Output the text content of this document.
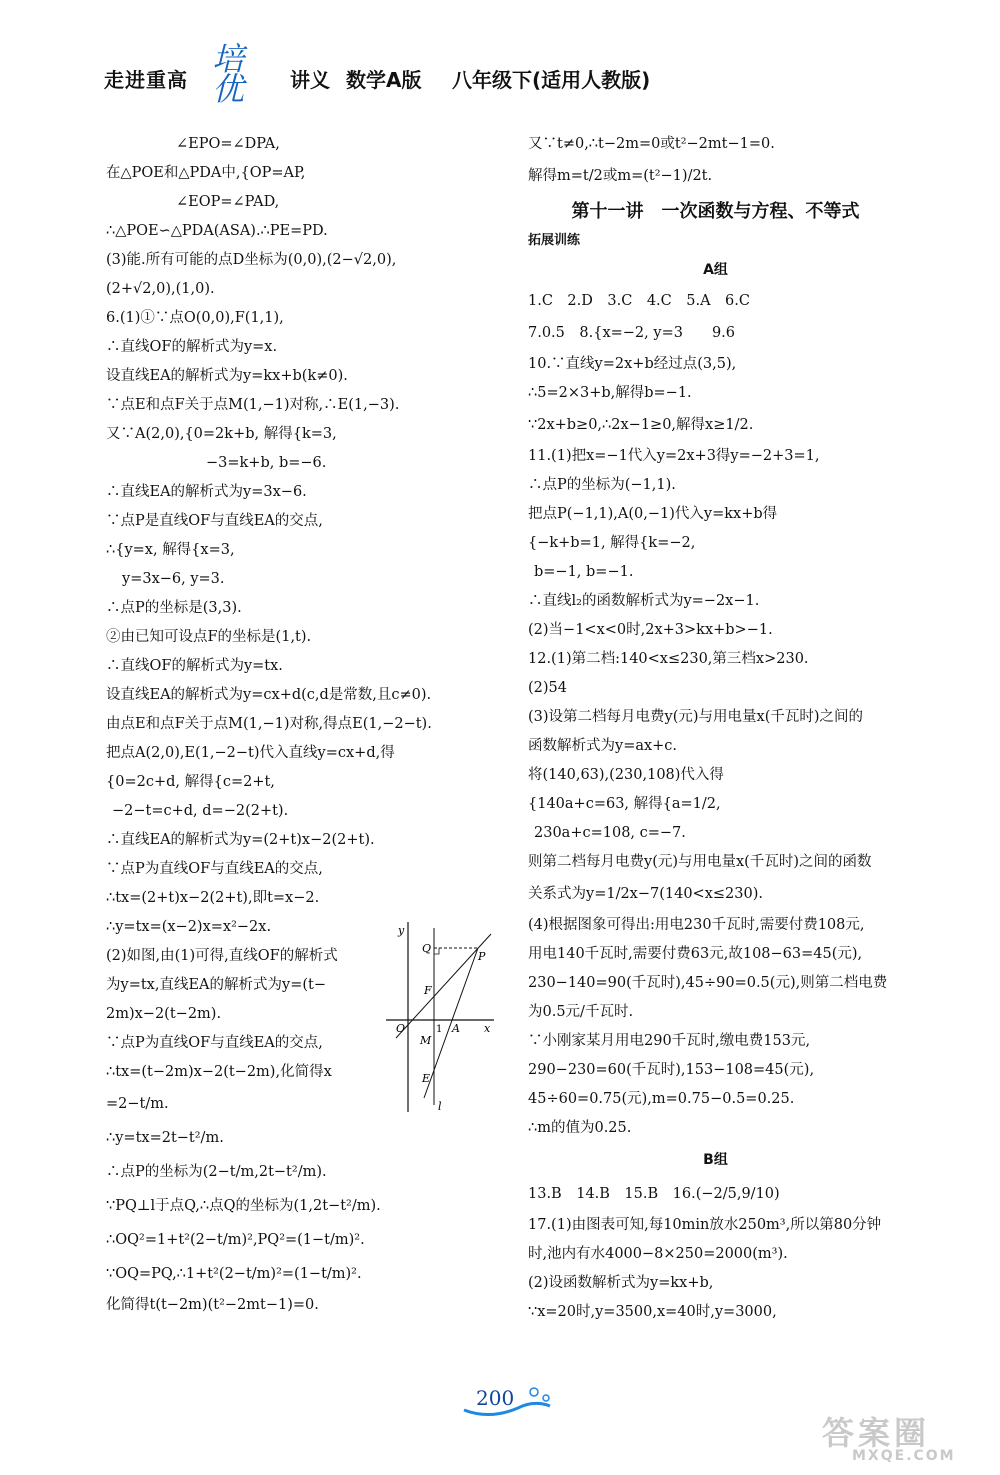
走进重高
培优	讲义 数学A版 八年级下(适用人教版)
∠EPO=∠DPA,
在△POE和△PDA中,{OP=AP,
∠EOP=∠PAD,
∴△POE∽△PDA(ASA).∴PE=PD.
(3)能.所有可能的点D坐标为(0,0),(2−√2,0),
(2+√2,0),(1,0).
6.(1)①∵点O(0,0),F(1,1),
∴直线OF的解析式为y=x.
设直线EA的解析式为y=kx+b(k≠0).
∵点E和点F关于点M(1,−1)对称,∴E(1,−3).
又∵A(2,0),{0=2k+b, 解得{k=3,
−3=k+b, b=−6.
∴直线EA的解析式为y=3x−6.
∵点P是直线OF与直线EA的交点,
∴{y=x, 解得{x=3,
y=3x−6, y=3.
∴点P的坐标是(3,3).
②由已知可设点F的坐标是(1,t).
∴直线OF的解析式为y=tx.
设直线EA的解析式为y=cx+d(c,d是常数,且c≠0).
由点E和点F关于点M(1,−1)对称,得点E(1,−2−t).
把点A(2,0),E(1,−2−t)代入直线y=cx+d,得
{0=2c+d, 解得{c=2+t,
−2−t=c+d, d=−2(2+t).
∴直线EA的解析式为y=(2+t)x−2(2+t).
∵点P为直线OF与直线EA的交点,
∴tx=(2+t)x−2(2+t),即t=x−2.
∴y=tx=(x−2)x=x²−2x.
(2)如图,由(1)可得,直线OF的解析式
为y=tx,直线EA的解析式为y=(t−
2m)x−2(t−2m).
∵点P为直线OF与直线EA的交点,
∴tx=(t−2m)x−2(t−2m),化简得x
=2−t/m.
∴y=tx=2t−t²/m.
∴点P的坐标为(2−t/m,2t−t²/m).
∵PQ⊥l于点Q,∴点Q的坐标为(1,2t−t²/m).
∴OQ²=1+t²(2−t/m)²,PQ²=(1−t/m)².
∵OQ=PQ,∴1+t²(2−t/m)²=(1−t/m)².
化简得t(t−2m)(t²−2mt−1)=0.
y
x
Q
P
F
O	1 A
M
E
l
又∵t≠0,∴t−2m=0或t²−2mt−1=0.
解得m=t/2或m=(t²−1)/2t.
第十一讲　一次函数与方程、不等式
拓展训练
A组
1.C　2.D　3.C　4.C　5.A　6.C
7.0.5　8.{x=−2, y=3　　9.6
10.∵直线y=2x+b经过点(3,5),
∴5=2×3+b,解得b=−1.
∵2x+b≥0,∴2x−1≥0,解得x≥1/2.
11.(1)把x=−1代入y=2x+3得y=−2+3=1,
∴点P的坐标为(−1,1).
把点P(−1,1),A(0,−1)代入y=kx+b得
{−k+b=1, 解得{k=−2,
b=−1, b=−1.
∴直线l₂的函数解析式为y=−2x−1.
(2)当−1<x<0时,2x+3>kx+b>−1.
12.(1)第二档:140<x≤230,第三档x>230.
(2)54
(3)设第二档每月电费y(元)与用电量x(千瓦时)之间的
函数解析式为y=ax+c.
将(140,63),(230,108)代入得
{140a+c=63, 解得{a=1/2,
230a+c=108, c=−7.
则第二档每月电费y(元)与用电量x(千瓦时)之间的函数
关系式为y=1/2x−7(140<x≤230).
(4)根据图象可得出:用电230千瓦时,需要付费108元,
用电140千瓦时,需要付费63元,故108−63=45(元),
230−140=90(千瓦时),45÷90=0.5(元),则第二档电费
为0.5元/千瓦时.
∵小刚家某月用电290千瓦时,缴电费153元,
290−230=60(千瓦时),153−108=45(元),
45÷60=0.75(元),m=0.75−0.5=0.25.
∴m的值为0.25.
B组
13.B　14.B　15.B　16.(−2/5,9/10)
17.(1)由图表可知,每10min放水250m³,所以第80分钟
时,池内有水4000−8×250=2000(m³).
(2)设函数解析式为y=kx+b,
∵x=20时,y=3500,x=40时,y=3000,
200
答案圈
MXQE.COM
